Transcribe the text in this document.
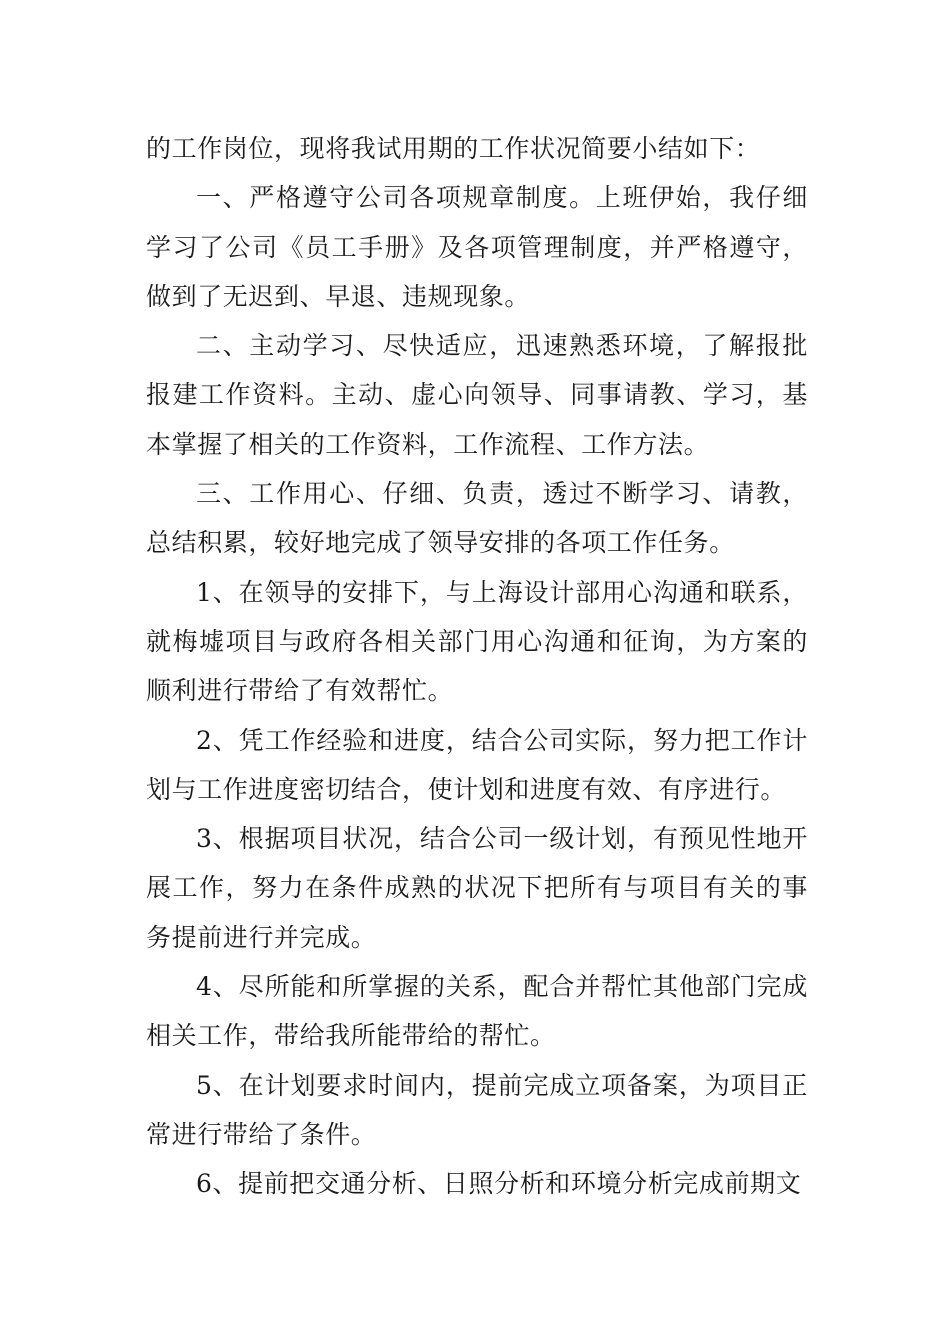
的工作岗位，现将我试用期的工作状况简要小结如下：

一、严格遵守公司各项规章制度。上班伊始，我仔细学习了公司《员工手册》及各项管理制度，并严格遵守，做到了无迟到、早退、违规现象。

二、主动学习、尽快适应，迅速熟悉环境，了解报批报建工作资料。主动、虚心向领导、同事请教、学习，基本掌握了相关的工作资料，工作流程、工作方法。

三、工作用心、仔细、负责，透过不断学习、请教，总结积累，较好地完成了领导安排的各项工作任务。

1、在领导的安排下，与上海设计部用心沟通和联系，就梅墟项目与政府各相关部门用心沟通和征询，为方案的顺利进行带给了有效帮忙。

2、凭工作经验和进度，结合公司实际，努力把工作计划与工作进度密切结合，使计划和进度有效、有序进行。

3、根据项目状况，结合公司一级计划，有预见性地开展工作，努力在条件成熟的状况下把所有与项目有关的事务提前进行并完成。

4、尽所能和所掌握的关系，配合并帮忙其他部门完成相关工作，带给我所能带给的帮忙。

5、在计划要求时间内，提前完成立项备案，为项目正常进行带给了条件。

6、提前把交通分析、日照分析和环境分析完成前期文
